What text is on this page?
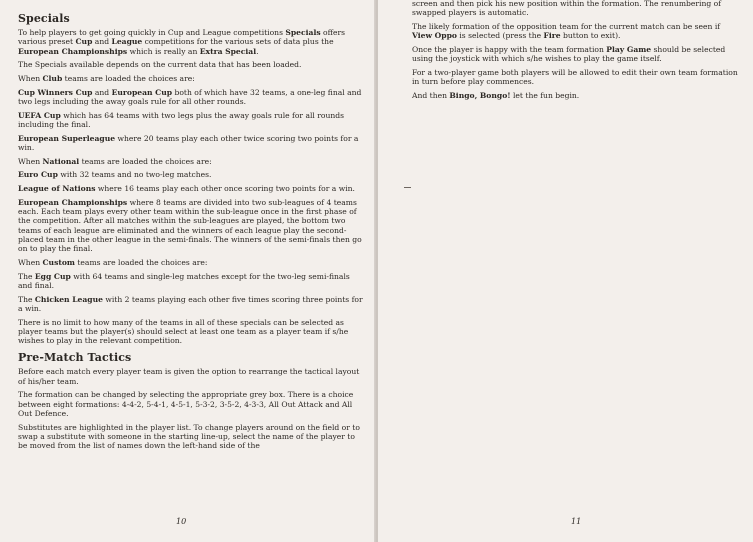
Specials

To help players to get going quickly in Cup and League competitions Specials offers various preset Cup and League competitions for the various sets of data plus the European Championships which is really an Extra Special.

The Specials available depends on the current data that has been loaded.

When Club teams are loaded the choices are:

Cup Winners Cup and European Cup both of which have 32 teams, a one-leg final and two legs including the away goals rule for all other rounds.

UEFA Cup which has 64 teams with two legs plus the away goals rule for all rounds including the final.

European Superleague where 20 teams play each other twice scoring two points for a win.

When National teams are loaded the choices are:

Euro Cup with 32 teams and no two-leg matches.

League of Nations where 16 teams play each other once scoring two points for a win.

European Championships where 8 teams are divided into two sub-leagues of 4 teams each. Each team plays every other team within the sub-league once in the first phase of the competition. After all matches within the sub-leagues are played, the bottom two teams of each league are eliminated and the winners of each league play the second-placed team in the other league in the semi-finals. The winners of the semi-finals then go on to play the final.

When Custom teams are loaded the choices are:

The Egg Cup with 64 teams and single-leg matches except for the two-leg semi-finals and final.

The Chicken League with 2 teams playing each other five times scoring three points for a win.

There is no limit to how many of the teams in all of these specials can be selected as player teams but the player(s) should select at least one team as a player team if s/he wishes to play in the relevant competition.

Pre-Match Tactics

Before each match every player team is given the option to rearrange the tactical layout of his/her team.

The formation can be changed by selecting the appropriate grey box. There is a choice between eight formations: 4-4-2, 5-4-1, 4-5-1, 5-3-2, 3-5-2, 4-3-3, All Out Attack and All Out Defence.

Substitutes are highlighted in the player list. To change players around on the field or to swap a substitute with someone in the starting line-up, select the name of the player to be moved from the list of names down the left-hand side of the

10

screen and then pick his new position within the formation. The renumbering of swapped players is automatic.

The likely formation of the opposition team for the current match can be seen if View Oppo is selected (press the Fire button to exit).

Once the player is happy with the team formation Play Game should be selected using the joystick with which s/he wishes to play the game itself.

For a two-player game both players will be allowed to edit their own team formation in turn before play commences.

And then Bingo, Bongo! let the fun begin.

11
